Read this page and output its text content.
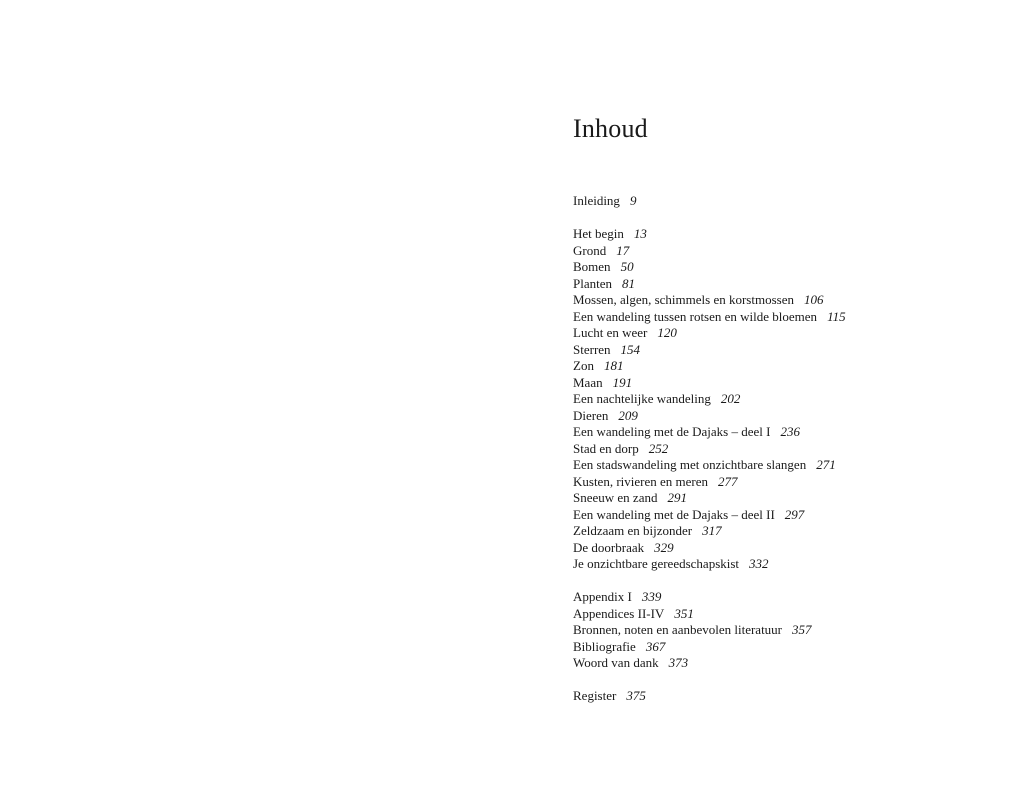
Inhoud
Inleiding 9
Het begin 13
Grond 17
Bomen 50
Planten 81
Mossen, algen, schimmels en korstmossen 106
Een wandeling tussen rotsen en wilde bloemen 115
Lucht en weer 120
Sterren 154
Zon 181
Maan 191
Een nachtelijke wandeling 202
Dieren 209
Een wandeling met de Dajaks – deel I 236
Stad en dorp 252
Een stadswandeling met onzichtbare slangen 271
Kusten, rivieren en meren 277
Sneeuw en zand 291
Een wandeling met de Dajaks – deel II 297
Zeldzaam en bijzonder 317
De doorbraak 329
Je onzichtbare gereedschapskist 332
Appendix I 339
Appendices II-IV 351
Bronnen, noten en aanbevolen literatuur 357
Bibliografie 367
Woord van dank 373
Register 375
